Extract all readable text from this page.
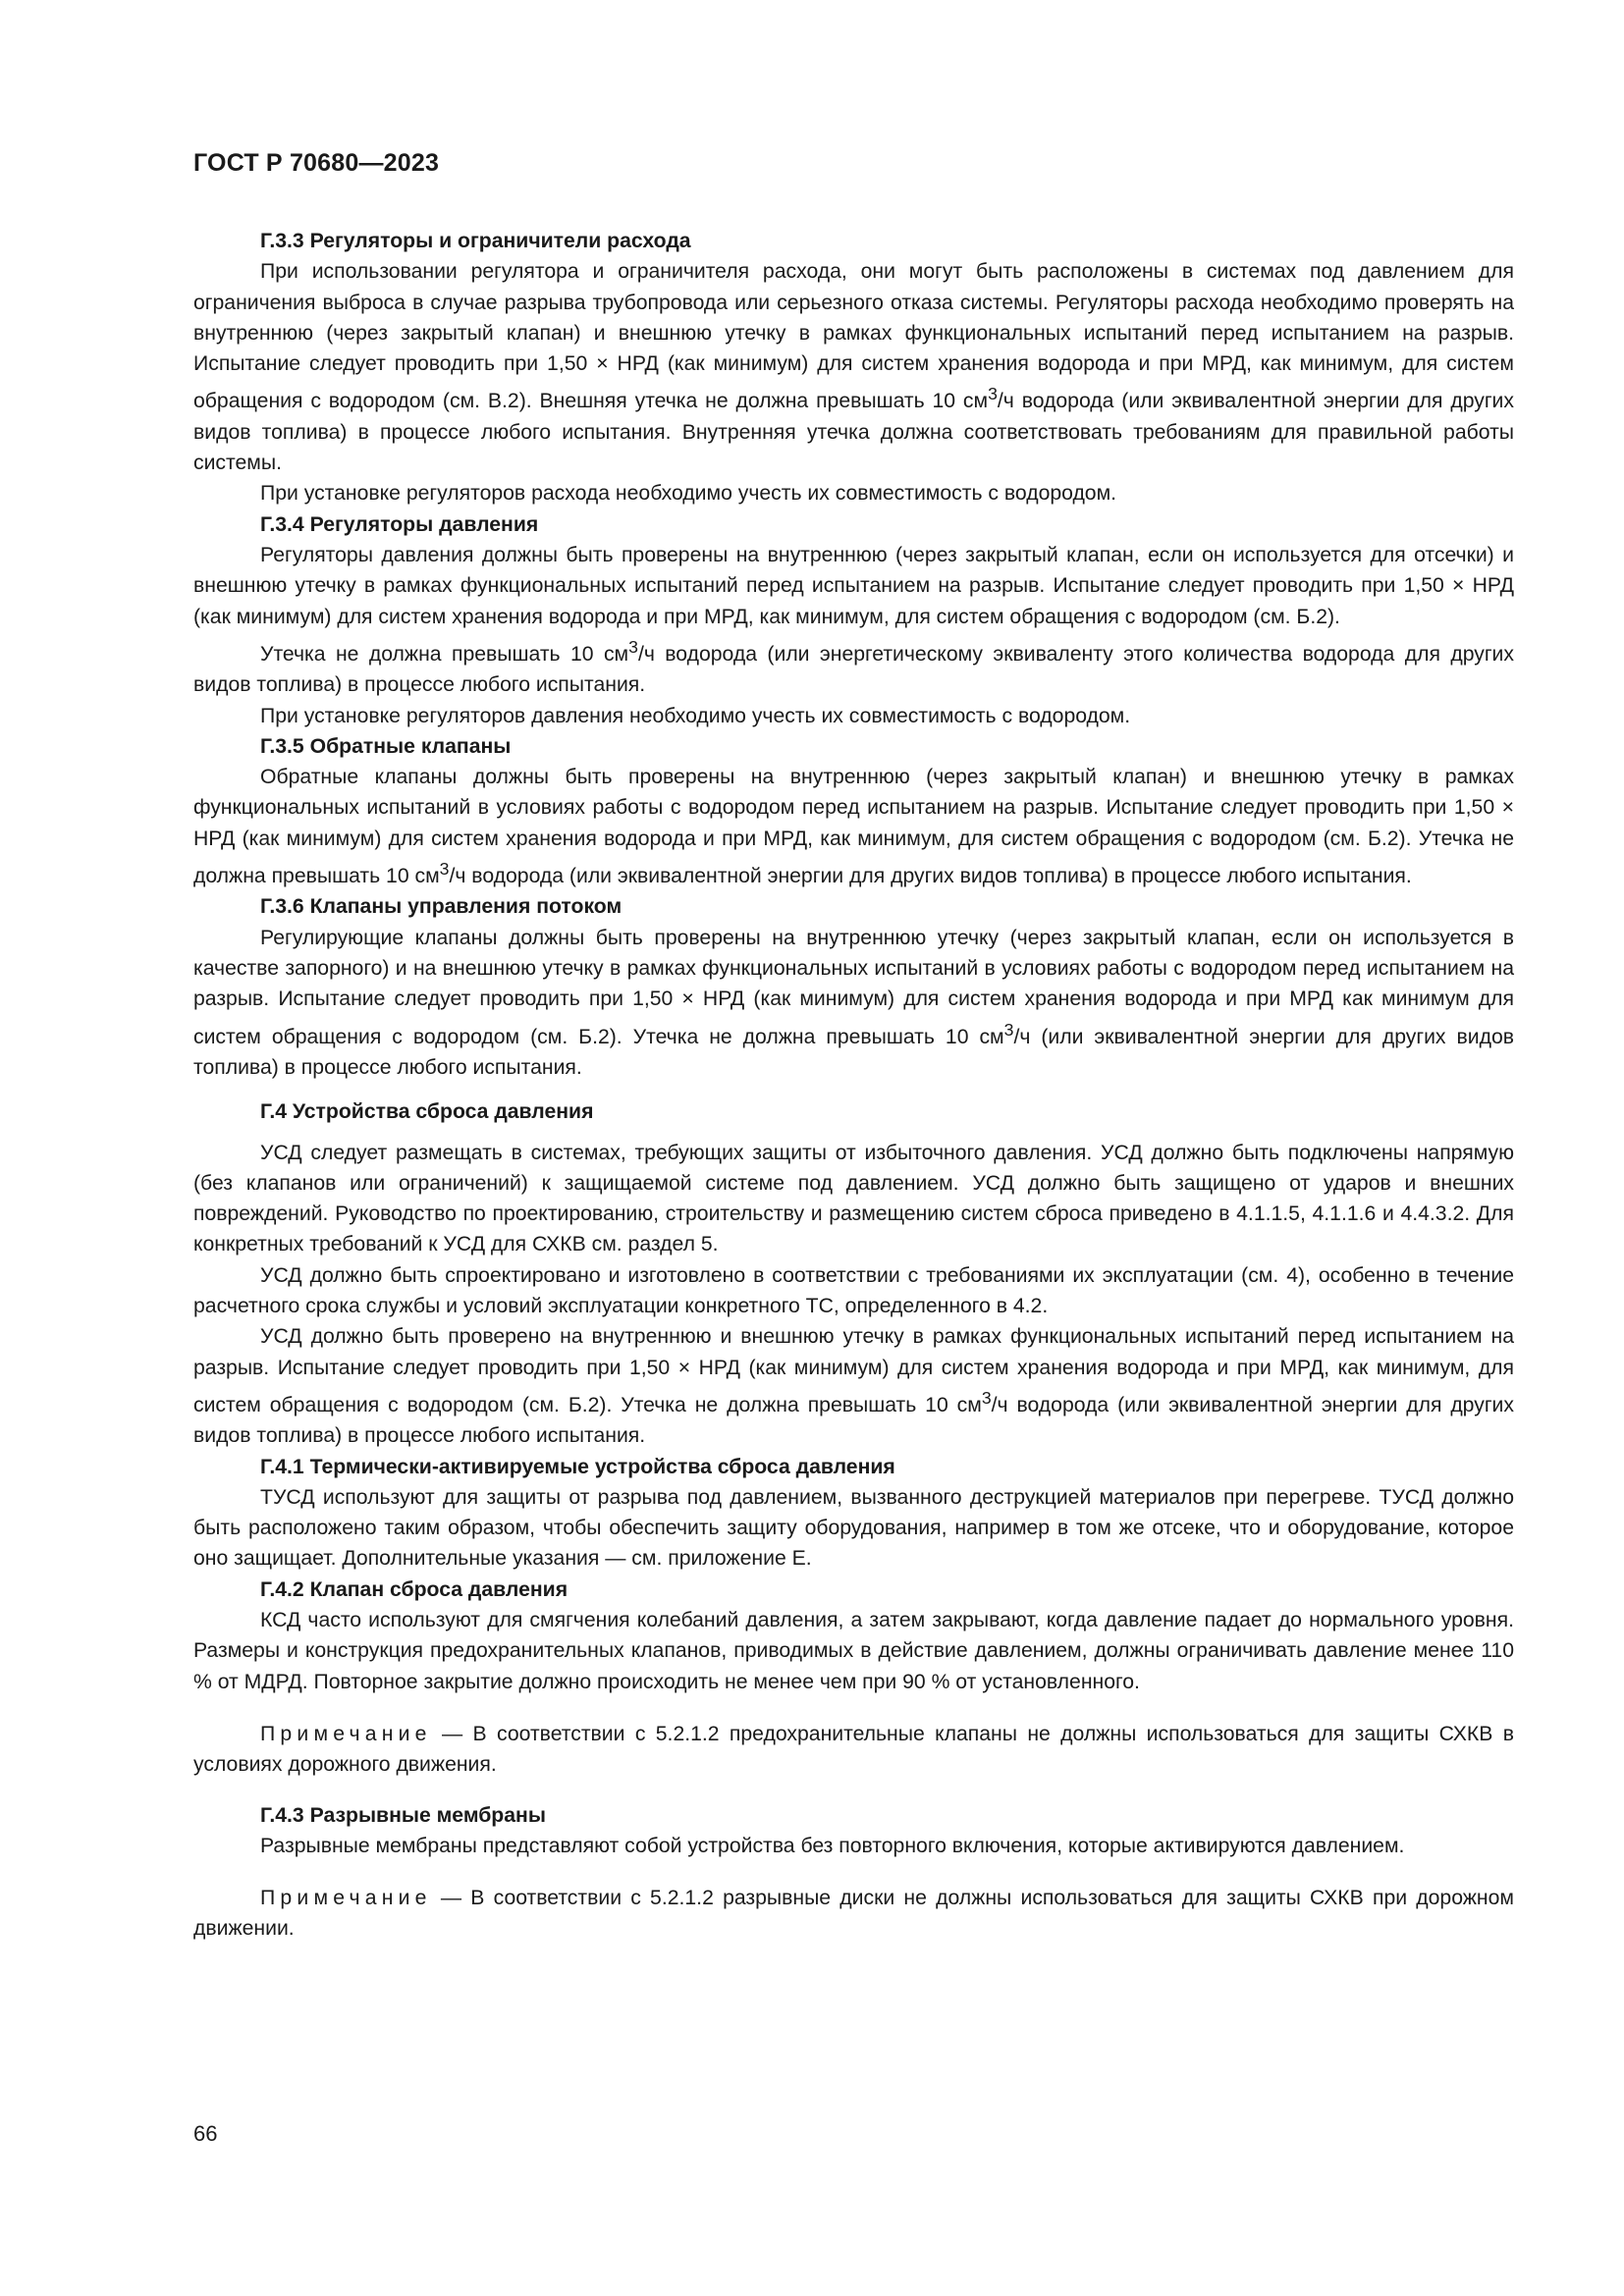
ГОСТ Р 70680—2023
Г.3.3 Регуляторы и ограничители расхода

При использовании регулятора и ограничителя расхода, они могут быть расположены в системах под давлением для ограничения выброса в случае разрыва трубопровода или серьезного отказа системы. Регуляторы расхода необходимо проверять на внутреннюю (через закрытый клапан) и внешнюю утечку в рамках функциональных испытаний перед испытанием на разрыв. Испытание следует проводить при 1,50 × НРД (как минимум) для систем хранения водорода и при МРД, как минимум, для систем обращения с водородом (см. В.2). Внешняя утечка не должна превышать 10 $см^3/ч$ водорода (или эквивалентной энергии для других видов топлива) в процессе любого испытания. Внутренняя утечка должна соответствовать требованиям для правильной работы системы.

При установке регуляторов расхода необходимо учесть их совместимость с водородом.

Г.3.4 Регуляторы давления

Регуляторы давления должны быть проверены на внутреннюю (через закрытый клапан, если он используется для отсечки) и внешнюю утечку в рамках функциональных испытаний перед испытанием на разрыв. Испытание следует проводить при 1,50 × НРД (как минимум) для систем хранения водорода и при МРД, как минимум, для систем обращения с водородом (см. Б.2).

Утечка не должна превышать 10 $см^3/ч$ водорода (или энергетическому эквиваленту этого количества водорода для других видов топлива) в процессе любого испытания.

При установке регуляторов давления необходимо учесть их совместимость с водородом.

Г.3.5 Обратные клапаны

Обратные клапаны должны быть проверены на внутреннюю (через закрытый клапан) и внешнюю утечку в рамках функциональных испытаний в условиях работы с водородом перед испытанием на разрыв. Испытание следует проводить при 1,50 × НРД (как минимум) для систем хранения водорода и при МРД, как минимум, для систем обращения с водородом (см. Б.2). Утечка не должна превышать 10 $см^3/ч$ водорода (или эквивалентной энергии для других видов топлива) в процессе любого испытания.

Г.3.6 Клапаны управления потоком

Регулирующие клапаны должны быть проверены на внутреннюю утечку (через закрытый клапан, если он используется в качестве запорного) и на внешнюю утечку в рамках функциональных испытаний в условиях работы с водородом перед испытанием на разрыв. Испытание следует проводить при 1,50 × НРД (как минимум) для систем хранения водорода и при МРД как минимум для систем обращения с водородом (см. Б.2). Утечка не должна превышать 10 $см^3/ч$ (или эквивалентной энергии для других видов топлива) в процессе любого испытания.

Г.4 Устройства сброса давления

УСД следует размещать в системах, требующих защиты от избыточного давления. УСД должно быть подключены напрямую (без клапанов или ограничений) к защищаемой системе под давлением. УСД должно быть защищено от ударов и внешних повреждений. Руководство по проектированию, строительству и размещению систем сброса приведено в 4.1.1.5, 4.1.1.6 и 4.4.3.2. Для конкретных требований к УСД для СХКВ см. раздел 5.

УСД должно быть спроектировано и изготовлено в соответствии с требованиями их эксплуатации (см. 4), особенно в течение расчетного срока службы и условий эксплуатации конкретного ТС, определенного в 4.2.

УСД должно быть проверено на внутреннюю и внешнюю утечку в рамках функциональных испытаний перед испытанием на разрыв. Испытание следует проводить при 1,50 × НРД (как минимум) для систем хранения водорода и при МРД, как минимум, для систем обращения с водородом (см. Б.2). Утечка не должна превышать 10 $см^3/ч$ водорода (или эквивалентной энергии для других видов топлива) в процессе любого испытания.

Г.4.1 Термически-активируемые устройства сброса давления

ТУСД используют для защиты от разрыва под давлением, вызванного деструкцией материалов при перегреве. ТУСД должно быть расположено таким образом, чтобы обеспечить защиту оборудования, например в том же отсеке, что и оборудование, которое оно защищает. Дополнительные указания — см. приложение Е.

Г.4.2 Клапан сброса давления

КСД часто используют для смягчения колебаний давления, а затем закрывают, когда давление падает до нормального уровня. Размеры и конструкция предохранительных клапанов, приводимых в действие давлением, должны ограничивать давление менее 110 % от МДРД. Повторное закрытие должно происходить не менее чем при 90 % от установленного.

Примечание — В соответствии с 5.2.1.2 предохранительные клапаны не должны использоваться для защиты СХКВ в условиях дорожного движения.

Г.4.3 Разрывные мембраны

Разрывные мембраны представляют собой устройства без повторного включения, которые активируются давлением.

Примечание — В соответствии с 5.2.1.2 разрывные диски не должны использоваться для защиты СХКВ при дорожном движении.

66
